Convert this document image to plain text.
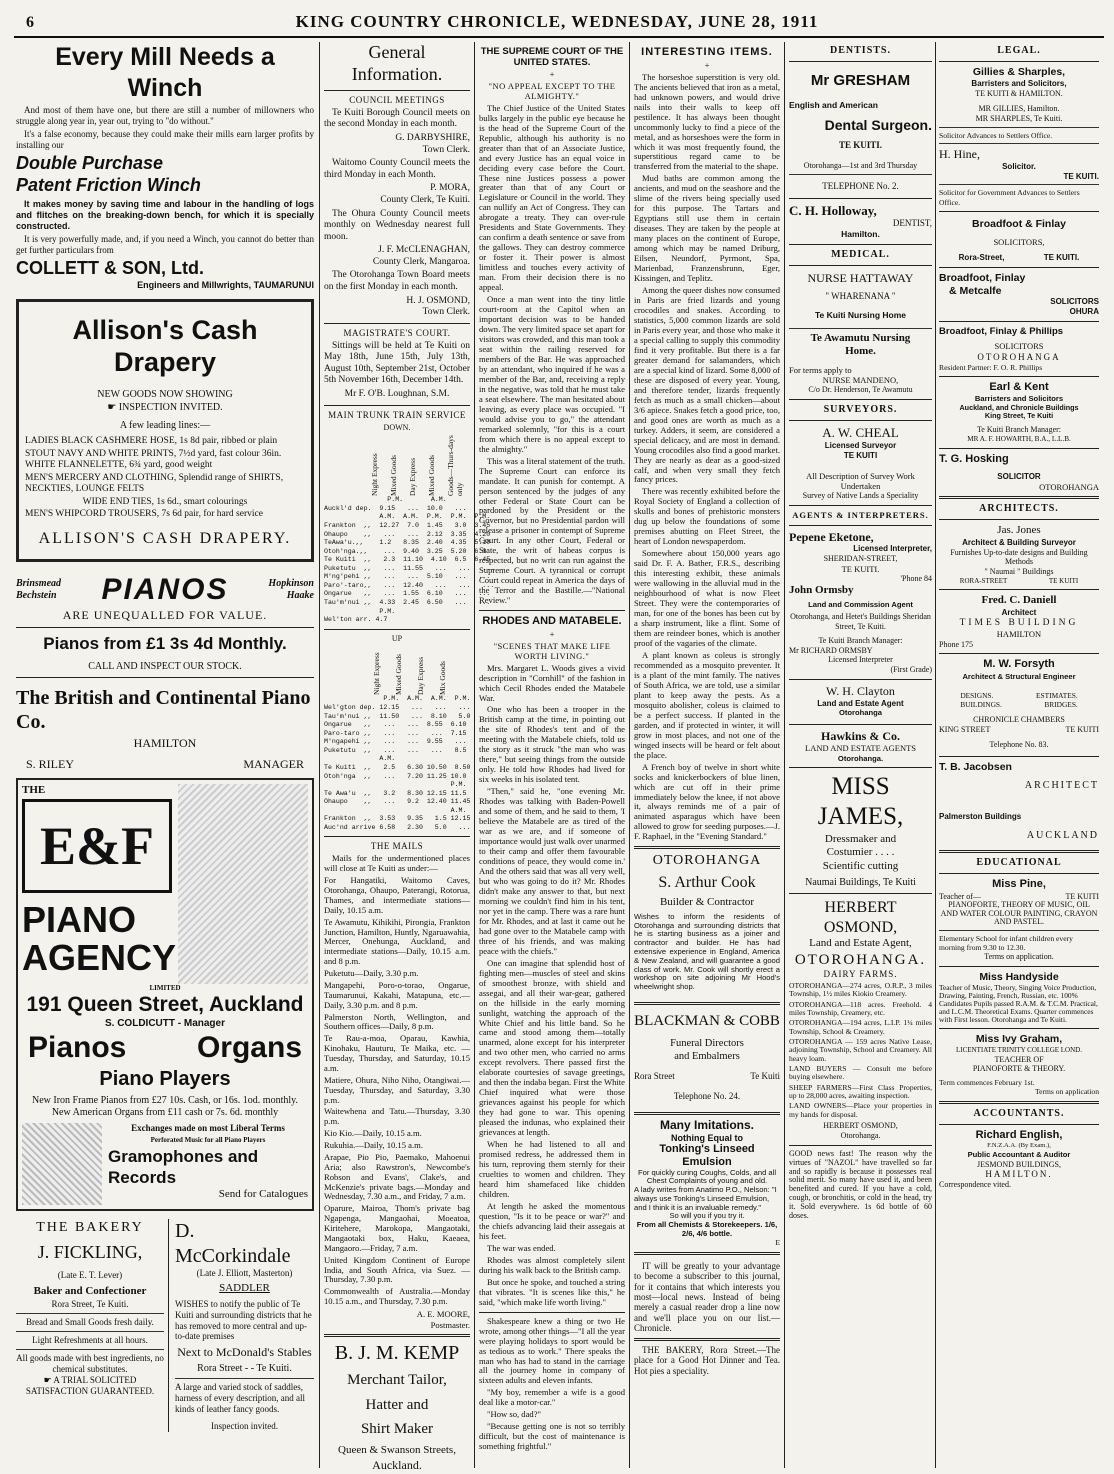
6	KING COUNTRY CHRONICLE, WEDNESDAY, JUNE 28, 1911
Every Mill Needs a Winch

And most of them have one, but there are still a number of millowners who struggle along year in, year out, trying to "do without."

It's a false economy, because they could make their mills earn larger profits by installing our

Double Purchase
Patent Friction Winch

It makes money by saving time and labour in the handling of logs and flitches on the breaking-down bench, for which it is specially constructed.

It is very powerfully made, and, if you need a Winch, you cannot do better than get further particulars from

COLLETT & SON, Ltd.
Engineers and Millwrights, TAUMARUNUI
Allison's Cash Drapery
NEW GOODS NOW SHOWING
☛ INSPECTION INVITED.
A few leading lines:—
LADIES BLACK CASHMERE HOSE, 1s 8d pair, ribbed or plain
STOUT NAVY AND WHITE PRINTS, 7½d yard, fast colour 36in. WHITE FLANNELETTE, 6¾ yard, good weight
MEN'S MERCERY AND CLOTHING, Splendid range of SHIRTS, NECKTIES, LOUNGE FELTS
WIDE END TIES, 1s 6d., smart colourings
MEN'S WHIPCORD TROUSERS, 7s 6d pair, for hard service
ALLISON'S CASH DRAPERY.
Brinsmead Bechstein	PIANOS	Hopkinson Haake
ARE UNEQUALLED FOR VALUE.
Pianos from £1 3s 4d Monthly.
CALL AND INSPECT OUR STOCK.
The British and Continental Piano Co.
HAMILTON
S. RILEY	MANAGER
THE
E&F
PIANO
AGENCY
LIMITED
191 Queen Street, Auckland
S. COLDICUTT - Manager
Pianos Organs
Piano Players
New Iron Frame Pianos from £27 10s. Cash, or 16s. 1od. monthly. New American Organs from £11 cash or 7s. 6d. monthly
Exchanges made on most Liberal Terms
Perforated Music for all Piano Players
Gramophones and Records
Send for Catalogues
THE BAKERY
J. FICKLING,
(Late E. T. Lever)
Baker and Confectioner
Rora Street, Te Kuiti.
Bread and Small Goods fresh daily.
Light Refreshments at all hours.
All goods made with best ingredients, no chemical substitutes.
☛ A TRIAL SOLICITED
SATISFACTION GUARANTEED.
D. McCorkindale
(Late J. Elliott, Masterton)
SADDLER
WISHES to notify the public of Te Kuiti and surrounding districts that he has removed to more central and up-to-date premises
Next to McDonald's Stables
Rora Street - - Te Kuiti.
A large and varied stock of saddles, harness of every description, and all kinds of leather fancy goods.
Inspection invited.
General Information.
COUNCIL MEETINGS

Te Kuiti Borough Council meets on the second Monday in each month.

G. DARBYSHIRE,
Town Clerk.

Waitomo County Council meets the third Monday in each Month.

P. MORA,
County Clerk, Te Kuiti.

The Ohura County Council meets monthly on Wednesday nearest full moon.

J. F. McCLENAGHAN,
County Clerk, Mangaroa.

The Otorohanga Town Board meets on the first Monday in each month.

H. J. OSMOND,
Town Clerk.
MAGISTRATE'S COURT.

Sittings will be held at Te Kuiti on May 18th, June 15th, July 13th, August 10th, September 21st, October 5th November 16th, December 14th.

Mr F. O'B. Loughnan, S.M.
MAIN TRUNK TRAIN SERVICE
DOWN.
Night Express	Mixed Goods	Day Express	Mixed Goods	Goods—Thurs-days only
P.M.       A.M.
Auckl'd dep.  9.15   ...  10.0   ...   ...
A.M.  A.M.  P.M.  P.M.  P.M.
Frankton  ,,  12.27  7.0  1.45   3.0  3.45
Ohaupo    ,,   ...   ...  2.12  3.35  4.20
TeAwa'u.,,    1.2   8.35  2.40  4.35  5.10
Otoh'nga.,,    ...  9.40  3.25  5.20  6.0
Te Kuiti  ,,   2.3  11.10  4.10  6.5  6.45
Puketutu  ,,   ...  11.55   ...   ...   ...
M'ng'pehi ,,   ...   ...  5.10   ...   ...
Paro'-taro,,   ...  12.40   ...   ...   ...
Ongarue   ,,   ...  1.55  6.10   ...   ...
Tau'm'nui ,,  4.33  2.45  6.50   ...   ...
P.M.
Wel'ton arr. 4.7
UP
Night Express	Mixed Goods	Day Express	Mix Goods
P.M.  A.M.  A.M.  P.M.
Wel'gton dep. 12.15   ...   ...   ...
Tau'm'nui ,,  11.50   ...  8.10   5.0
Ongarue   ,,   ...   ...  8.55  6.10
Paro-taro ,,   ...   ...   ...  7.15
M'ngapehi ,,   ...   ...  9.55   ...
Puketutu  ,,   ...   ...   ...   8.5
A.M.
Te Kuiti  ,,   2.5   6.30 10.50  8.50
Otoh'nga  ,,   ...   7.20 11.25 10.0
P.M.
Te Awa'u  ,,   3.2   8.30 12.15 11.5
Ohaupo    ,,   ...   9.2  12.40 11.45
A.M.
Frankton  ,,  3.53   9.35   1.5 12.15
Auc'nd arrive 6.58   2.30   5.0   ...
THE MAILS

Mails for the undermentioned places will close at Te Kuiti as under:—

For Hangatiki, Waitomo Caves, Otorohanga, Ohaupo, Paterangi, Rotorua, Thames, and intermediate stations—Daily, 10.15 a.m.
Te Awamutu, Kihikihi, Pirongia, Frankton Junction, Hamilton, Huntly, Ngaruawahia, Mercer, Onehunga, Auckland, and intermediate stations—Daily, 10.15 a.m. and 8 p.m.
Puketutu—Daily, 3.30 p.m.
Mangapehi, Poro-o-torao, Ongarue, Taumarunui, Kakahi, Matapuna, etc.—Daily, 3.30 p.m. and 8 p.m.
Palmerston North, Wellington, and Southern offices—Daily, 8 p.m.
Te Rau-a-moa, Oparau, Kawhia, Kinohaku, Hauturu, Te Maika, etc. —Tuesday, Thursday, and Saturday, 10.15 a.m.
Matiere, Ohura, Niho Niho, Otangiwai.—Tuesday, Thursday, and Saturday, 3.30 p.m.
Waitewhena and Tatu.—Thursday, 3.30 p.m.
Kio Kio.—Daily, 10.15 a.m.
Rukuhia.—Daily, 10.15 a.m.
Arapae, Pio Pio, Paemako, Mahoenui Aria; also Rawstron's, Newcombe's Robson and Evans', Clake's, and McKenzie's private bags.—Monday and Wednesday, 7.30 a.m., and Friday, 7 a.m.
Oparure, Mairoa, Thom's private bag Ngapenga, Mangaohai, Moeatoa, Kiritehere, Marokopa, Mangaotaki, Mangaotaki box, Haku, Kaeaea, Mangaoro.—Friday, 7 a.m.
United Kingdom Continent of Europe India, and South Africa, via Suez. —Thursday, 7.30 p.m.
Commonwealth of Australia.—Monday 10.15 a.m., and Thursday, 7.30 p.m.
A. E. MOORE,
Postmaster.
B. J. M. KEMP
Merchant Tailor,
Hatter and
Shirt Maker
Queen & Swanson Streets,
Auckland.
THE SUPREME COURT OF THE UNITED STATES.
+
"NO APPEAL EXCEPT TO THE ALMIGHTY."

The Chief Justice of the United States bulks largely in the public eye because he is the head of the Supreme Court of the Republic, although his authority is no greater than that of an Associate Justice, and every Justice has an equal voice in deciding every case before the Court. These nine Justices possess a power greater than that of any Court or Legislature or Council in the world. They can nullify an Act of Congress. They can abrogate a treaty. They can over-rule Presidents and State Governments. They can confirm a death sentence or save from the gallows. They can destroy commerce or foster it. Their power is almost limitless and touches every activity of man. From their decision there is no appeal.

Once a man went into the tiny little court-room at the Capitol when an important decision was to be handed down. The very limited space set apart for visitors was crowded, and this man took a seat within the railing reserved for members of the Bar. He was approached by an attendant, who inquired if he was a member of the Bar, and, receiving a reply in the negative, was told that he must take a seat elsewhere. The man hesitated about leaving, as every place was occupied. "I would advise you to go," the attendant remarked solemnly, "for this is a court from which there is no appeal except to the almighty."

This was a literal statement of the truth. The Supreme Court can enforce its mandate. It can punish for contempt. A person sentenced by the judges of any other Federal or State Court can be pardoned by the President or the Governor, but no Presidential pardon will release a prisoner in contempt of Supreme Court. In any other Court, Federal or State, the writ of habeas corpus is respected, but no writ can run against the Supreme Court. A tyrannical or corrupt Court could repeat in America the days of the Terror and the Bastille.—"National Review."

RHODES AND MATABELE.
+
"SCENES THAT MAKE LIFE WORTH LIVING."

Mrs. Margaret L. Woods gives a vivid description in "Cornhill" of the fashion in which Cecil Rhodes ended the Matabele War.

One who has been a trooper in the British camp at the time, in pointing out the site of Rhodes's tent and of the meeting with the Matabele chiefs, told us the story as it struck "the man who was there," but seeing things from the outside only. He told how Rhodes had lived for six weeks in his isolated tent.

"Then," said he, "one evening Mr. Rhodes was talking with Baden-Powell and some of them, and he said to them, 'I believe the Matabele are as tired of the war as we are, and if someone of importance would just walk over unarmed to their camp and offer them favourable conditions of peace, they would come in.' And the others said that was all very well, but who was going to do it? Mr. Rhodes didn't make any answer to that, but next morning we couldn't find him in his tent, nor yet in the camp. There was a rare hunt for Mr. Rhodes, and at last it came out he had gone over to the Matabele camp with three of his friends, and was making peace with the chiefs."

One can imagine that splendid host of fighting men—muscles of steel and skins of smoothest bronze, with shield and assegai, and all their war-gear, gathered on the hillside in the early morning sunlight, watching the approach of the White Chief and his little band. So he came and stood among them—totally unarmed, alone except for his interpreter and two other men, who carried no arms except revolvers. There passed first the elaborate courtesies of savage greetings, and then the indaba began. First the White Chief inquired what were those grievances against his people for which they had gone to war. This opening pleased the indunas, who explained their grievances at length.

When he had listened to all and promised redress, he addressed them in his turn, reproving them sternly for their cruelties to women and children. They heard him shamefaced like chidden children.

At length he asked the momentous question, "Is it to be peace or war?" and the chiefs advancing laid their assegais at his feet.

The war was ended.

Rhodes was almost completely silent during his walk back to the British camp.

But once he spoke, and touched a string that vibrates. "It is scenes like this," he said, "which make life worth living."

Shakespeare knew a thing or two He wrote, among other things—"I all the year were playing holidays to sport would be as tedious as to work." There speaks the man who has had to stand in the carriage all the journey home in company of sixteen adults and eleven infants.

"My boy, remember a wife is a good deal like a motor-car."

"How so, dad?"

"Because getting one is not so terribly difficult, but the cost of maintenance is something frightful."

INTERESTING ITEMS.
+

The horseshoe superstition is very old. The ancients believed that iron as a metal, had unknown powers, and would drive nails into their walls to keep off pestilence. It has always been thought uncommonly lucky to find a piece of the metal, and as horseshoes were the form in which it was most frequently found, the superstitious regard came to be transferred from the material to the shape.

Mud baths are common among the ancients, and mud on the seashore and the slime of the rivers being specially used for this purpose. The Tartars and Egyptians still use them in certain diseases. They are taken by the people at many places on the continent of Europe, among which may be named Driburg, Eilsen, Neundorf, Pyrmont, Spa, Marienbad, Franzensbrunn, Eger, Kissingen, and Teplitz.

Among the queer dishes now consumed in Paris are fried lizards and young crocodiles and snakes. According to statistics, 5,000 common lizards are sold in Paris every year, and those who make it a special calling to supply this commodity find it very profitable. But there is a far greater demand for salamanders, which are a special kind of lizard. Some 8,000 of these are disposed of every year. Young, and therefore tender, lizards frequently fetch as much as a small chicken—about 3/6 apiece. Snakes fetch a good price, too, and good ones are worth as much as a turkey. Adders, it seem, are considered a special delicacy, and are most in demand. Young crocodiles also find a good market. They are nearly as dear as a good-sized calf, and when very small they fetch fancy prices.

There was recently exhibited before the Royal Society of England a collection of skulls and bones of prehistoric monsters dug up below the foundations of some premises abutting on Fleet Street, the heart of London newspaperdom.

Somewhere about 150,000 years ago said Dr. F. A. Bather, F.R.S., describing this interesting exhibit, these animals were wallowing in the alluvial mud in the neighbourhood of what is now Fleet Street. They were the contemporaries of man, for one of the bones has been cut by a sharp instrument, like a flint. Some of them are reindeer bones, which is another proof of the vagaries of the climate.

A plant known as coleus is strongly recommended as a mosquito preventer. It is a plant of the mint family. The natives of South Africa, we are told, use a similar plant to keep away the pests. As a mosquito abolisher, coleus is claimed to be a perfect success. If planted in the garden, and if protected in winter, it will grow in most places, and not one of the winged insects will be heard or felt about the place.

A French boy of twelve in short white socks and knickerbockers of blue linen, which are cut off in their prime immediately below the knee, if not above it, always reminds me of a pair of animated asparagus which have been allowed to grow for seeding purposes.—J. F. Raphael, in the "Evening Standard."

OTOROHANGA
S. Arthur Cook
Builder & Contractor
Wishes to inform the residents of Otorohanga and surrounding districts that he is starting business as a joiner and contractor and builder. He has had extensive experience in England, America & New Zealand, and will guarantee a good class of work. Mr. Cook will shortly erect a workshop on site adjoining Mr Hood's wheelwright shop.
BLACKMAN & COBB
Funeral Directors
and Embalmers
Rora Street	Te Kuiti
Telephone No. 24.
Many Imitations.
Nothing Equal to
Tonking's Linseed Emulsion
For quickly curing Coughs, Colds, and all Chest Complaints of young and old.
A lady writes from Anatimo P.O., Nelson: "I always use Tonking's Linseed Emulsion, and I think it is an invaluable remedy."
So will you if you try it.
From all Chemists & Storekeepers. 1/6, 2/6, 4/6 bottle.
E

IT will be greatly to your advantage to become a subscriber to this journal, for it contains that which interests you most—local news. Instead of being merely a casual reader drop a line now and we'll place you on our list.—Chronicle.

THE BAKERY, Rora Street.—The place for a Good Hot Dinner and Tea. Hot pies a speciality.

DENTISTS.
Mr GRESHAM
English and American
Dental Surgeon.
TE KUITI.
Otorohanga—1st and 3rd Thursday
TELEPHONE No. 2.
C. H. Holloway,
DENTIST,
Hamilton.
MEDICAL.
NURSE HATTAWAY
" WHARENANA "
Te Kuiti Nursing Home
Te Awamutu Nursing
Home.
For terms apply to
NURSE MANDENO,
C/o Dr. Henderson, Te Awamutu
SURVEYORS.
A. W. CHEAL
Licensed Surveyor
TE KUITI
All Description of Survey Work
Undertaken
Survey of Native Lands a Speciality
AGENTS & INTERPRETERS.
Pepene Eketone,
Licensed Interpreter,
SHERIDAN-STREET,
TE KUITI.
'Phone 84
John Ormsby
Land and Commission Agent
Otorohanga, and Hetet's Buildings Sheridan Street, Te Kuiti.
Te Kuiti Branch Manager:
Mr RICHARD ORMSBY
Licensed Interpreter
(First Grade)
W. H. Clayton
Land and Estate Agent
Otorohanga
Hawkins & Co.
LAND AND ESTATE AGENTS
Otorohanga.
MISS JAMES,
Dressmaker and
Costumier . . . .
Scientific cutting
Naumai Buildings, Te Kuiti
HERBERT OSMOND,
Land and Estate Agent,
OTOROHANGA.
DAIRY FARMS.
OTOROHANGA—274 acres, O.R.P., 3 miles Township, 1½ miles Kiokio Creamery.
OTOROHANGA—118 acres. Freehold. 4 miles Township, Creamery, etc.
OTOROHANGA—194 acres, L.I.P. 1¼ miles Township, School & Creamery.
OTOROHANGA — 159 acres Native Lease, adjoining Township, School and Creamery. All heavy loam.
LAND BUYERS — Consult me before buying elsewhere.
SHEEP FARMERS—First Class Properties, up to 28,000 acres, awaiting inspection.
LAND OWNERS—Place your properties in my hands for disposal.
HERBERT OSMOND,
Otorohanga.

GOOD news fast! The reason why the virtues of "NAZOL" have travelled so far and so rapidly is because it possesses real solid merit. So many have used it, and been benefited and cured. If you have a cold, cough, or bronchitis, or cold in the head, try it. Sold everywhere. 1s 6d bottle of 60 doses.

LEGAL.
Gillies & Sharples,
Barristers and Solicitors,
TE KUITI & HAMILTON.
MR GILLIES, Hamilton.
MR SHARPLES, Te Kuiti.
Solicitor Advances to Settlers Office.
H. Hine,
Solicitor.
TE KUITI.
Solicitor for Government Advances to Settlers Office.
Broadfoot & Finlay
SOLICITORS,
Rora-Street,	TE KUITI.
Broadfoot, Finlay
& Metcalfe
SOLICITORS
OHURA
Broadfoot, Finlay & Phillips
SOLICITORS
OTOROHANGA
Resident Partner: F. O. R. Phillips
Earl & Kent
Barristers and Solicitors
Auckland, and Chronicle Buildings
King Street, Te Kuiti
Te Kuiti Branch Manager:
MR A. F. HOWARTH, B.A., L.L.B.
T. G. Hosking
SOLICITOR
OTOROHANGA
ARCHITECTS.
Jas. Jones
Architect & Building Surveyor
Furnishes Up-to-date designs and Building Methods
" Naumai " Buildings
RORA-STREET	TE KUITI
Fred. C. Daniell
Architect
TIMES BUILDING
HAMILTON
Phone 175
M. W. Forsyth
Architect & Structural Engineer
DESIGNS.	ESTIMATES.
BUILDINGS.	BRIDGES.
CHRONICLE CHAMBERS
KING STREET	TE KUITI
Telephone No. 83.
T. B. Jacobsen
ARCHITECT
Palmerston Buildings
AUCKLAND
EDUCATIONAL
Miss Pine,
Teacher of—	TE KUITI
PIANOFORTE, THEORY OF MUSIC, OIL AND WATER COLOUR PAINTING, CRAYON AND PASTEL.
Elementary School for infant children every morning from 9.30 to 12.30.
Terms on application.
Miss Handyside
Teacher of Music, Theory, Singing Voice Production, Drawing, Painting, French, Russian, etc. 100% Candidates Pupils passed R.A.M. & T.C.M. Practical, and L.C.M. Theoretical Exams. Quarter commences with First lesson. Otorohanga and Te Kuiti.
Miss Ivy Graham,
LICENTIATE TRINITY COLLEGE LOND.
TEACHER OF
PIANOFORTE & THEORY.
Term commences February 1st.
Terms on application
ACCOUNTANTS.
Richard English,
F.N.Z.A.A. (By Exam.),
Public Accountant & Auditor
JESMOND BUILDINGS,
HAMILTON.
Correspondence vited.
